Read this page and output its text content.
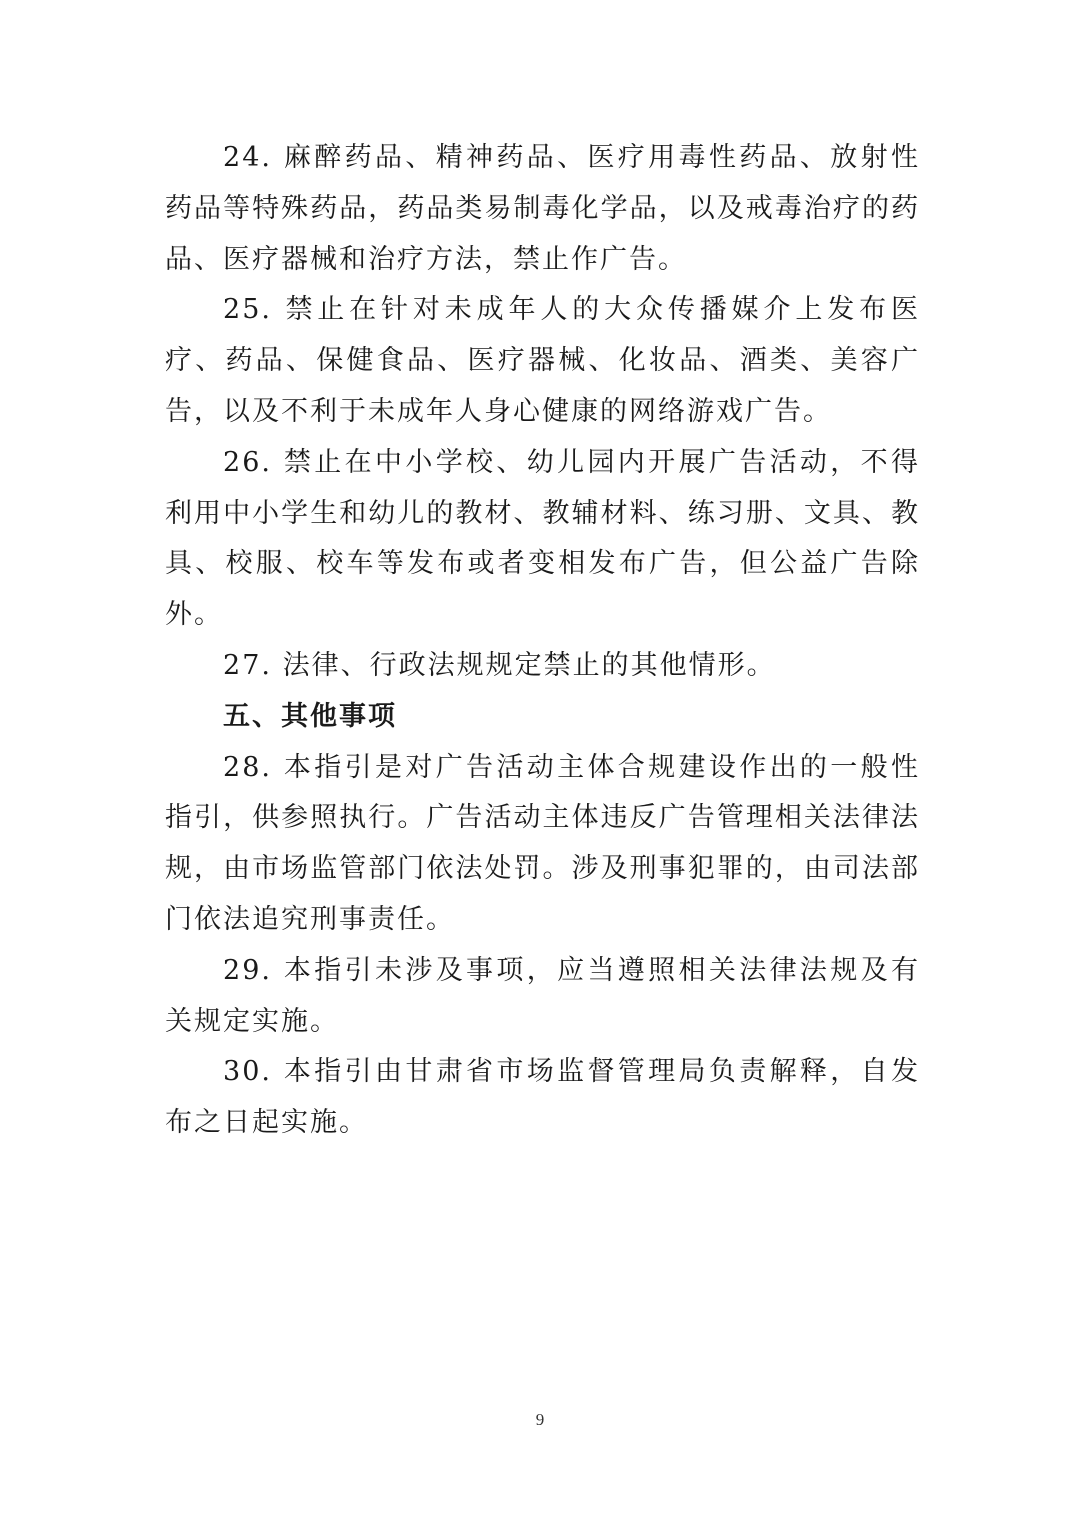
24. 麻醉药品、精神药品、医疗用毒性药品、放射性药品等特殊药品，药品类易制毒化学品，以及戒毒治疗的药品、医疗器械和治疗方法，禁止作广告。

25. 禁止在针对未成年人的大众传播媒介上发布医疗、药品、保健食品、医疗器械、化妆品、酒类、美容广告，以及不利于未成年人身心健康的网络游戏广告。

26. 禁止在中小学校、幼儿园内开展广告活动，不得利用中小学生和幼儿的教材、教辅材料、练习册、文具、教具、校服、校车等发布或者变相发布广告，但公益广告除外。

27. 法律、行政法规规定禁止的其他情形。

五、其他事项

28. 本指引是对广告活动主体合规建设作出的一般性指引，供参照执行。广告活动主体违反广告管理相关法律法规，由市场监管部门依法处罚。涉及刑事犯罪的，由司法部门依法追究刑事责任。

29. 本指引未涉及事项，应当遵照相关法律法规及有关规定实施。

30. 本指引由甘肃省市场监督管理局负责解释，自发布之日起实施。

9
